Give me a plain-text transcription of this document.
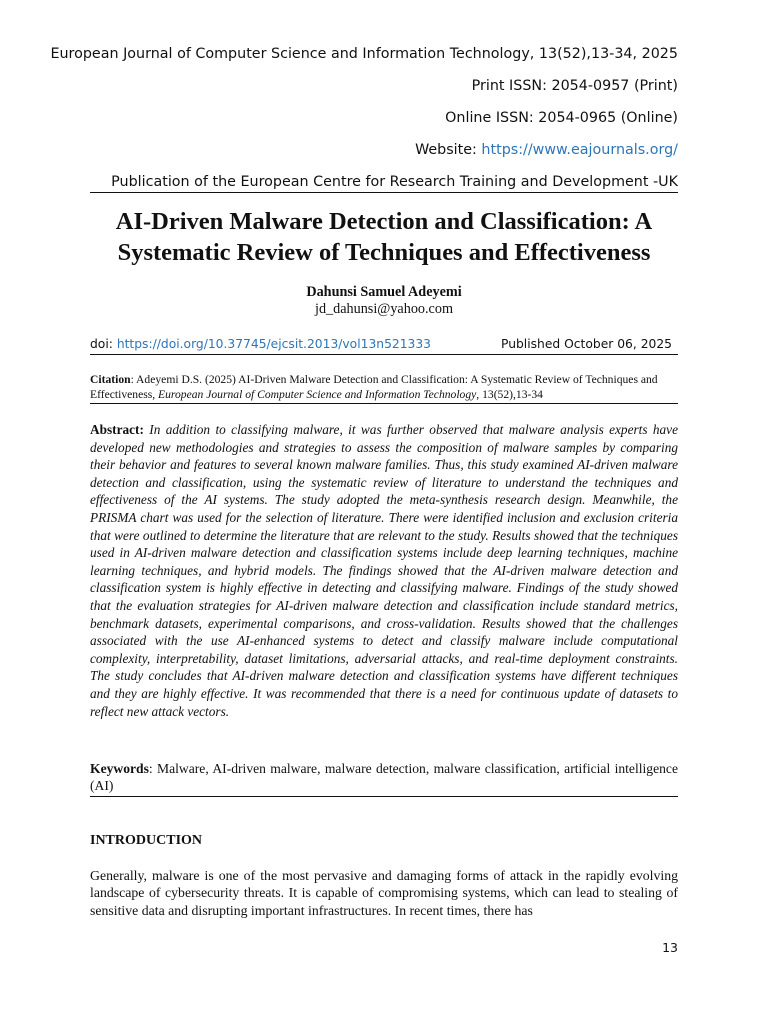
European Journal of Computer Science and Information Technology, 13(52),13-34, 2025
Print ISSN: 2054-0957 (Print)
Online ISSN: 2054-0965 (Online)
Website: https://www.eajournals.org/
Publication of the European Centre for Research Training and Development -UK
AI-Driven Malware Detection and Classification: A Systematic Review of Techniques and Effectiveness
Dahunsi Samuel Adeyemi
jd_dahunsi@yahoo.com
doi: https://doi.org/10.37745/ejcsit.2013/vol13n521333	Published October 06, 2025
Citation: Adeyemi D.S. (2025) AI-Driven Malware Detection and Classification: A Systematic Review of Techniques and Effectiveness, European Journal of Computer Science and Information Technology, 13(52),13-34
Abstract: In addition to classifying malware, it was further observed that malware analysis experts have developed new methodologies and strategies to assess the composition of malware samples by comparing their behavior and features to several known malware families. Thus, this study examined AI-driven malware detection and classification, using the systematic review of literature to understand the techniques and effectiveness of the AI systems. The study adopted the meta-synthesis research design. Meanwhile, the PRISMA chart was used for the selection of literature. There were identified inclusion and exclusion criteria that were outlined to determine the literature that are relevant to the study. Results showed that the techniques used in AI-driven malware detection and classification systems include deep learning techniques, machine learning techniques, and hybrid models. The findings showed that the AI-driven malware detection and classification system is highly effective in detecting and classifying malware. Findings of the study showed that the evaluation strategies for AI-driven malware detection and classification include standard metrics, benchmark datasets, experimental comparisons, and cross-validation. Results showed that the challenges associated with the use AI-enhanced systems to detect and classify malware include computational complexity, interpretability, dataset limitations, adversarial attacks, and real-time deployment constraints. The study concludes that AI-driven malware detection and classification systems have different techniques and they are highly effective. It was recommended that there is a need for continuous update of datasets to reflect new attack vectors.
Keywords: Malware, AI-driven malware, malware detection, malware classification, artificial intelligence (AI)
INTRODUCTION
Generally, malware is one of the most pervasive and damaging forms of attack in the rapidly evolving landscape of cybersecurity threats. It is capable of compromising systems, which can lead to stealing of sensitive data and disrupting important infrastructures. In recent times, there has
13
